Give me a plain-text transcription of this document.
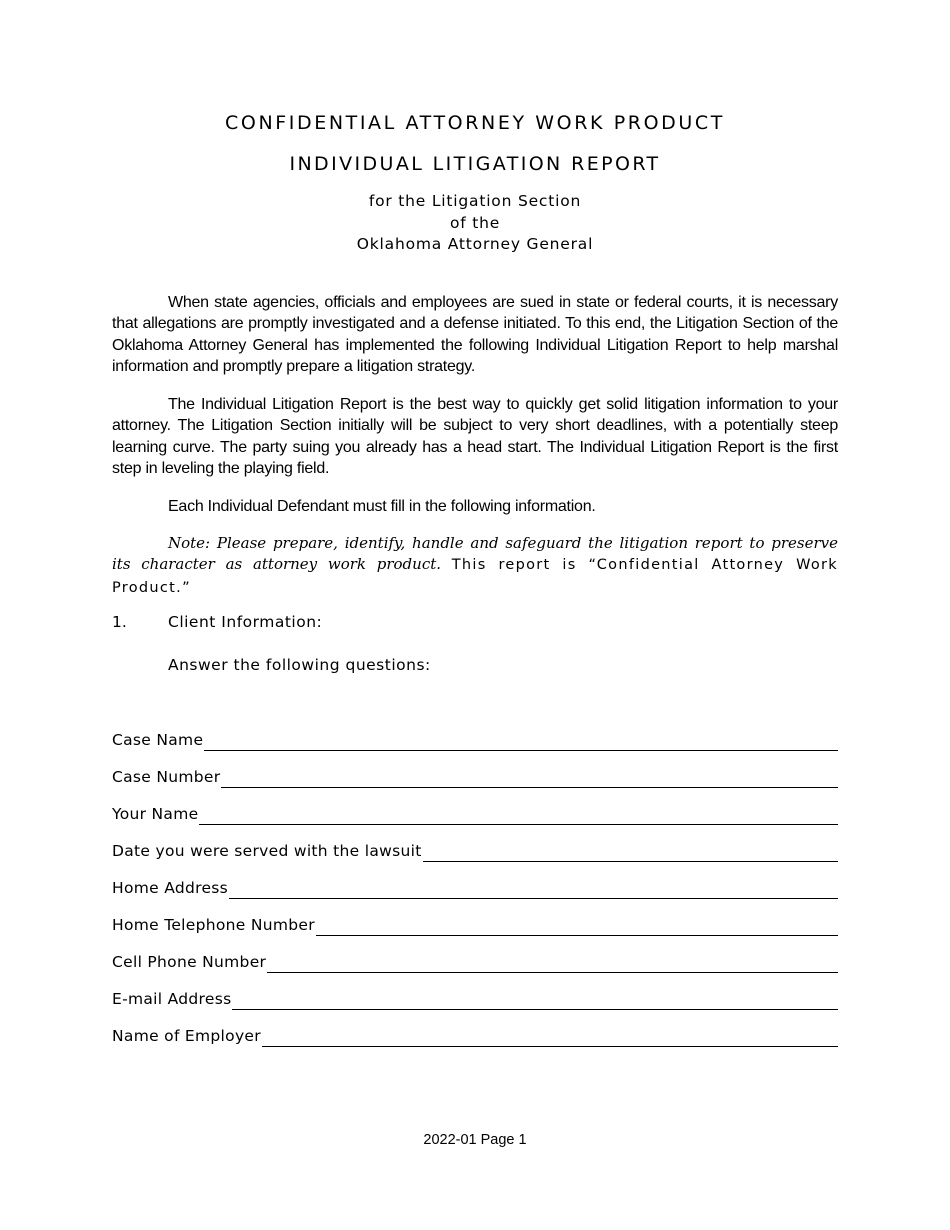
CONFIDENTIAL ATTORNEY WORK PRODUCT
INDIVIDUAL LITIGATION REPORT
for the Litigation Section
of the
Oklahoma Attorney General

When state agencies, officials and employees are sued in state or federal courts, it is necessary that allegations are promptly investigated and a defense initiated. To this end, the Litigation Section of the Oklahoma Attorney General has implemented the following Individual Litigation Report to help marshal information and promptly prepare a litigation strategy.

The Individual Litigation Report is the best way to quickly get solid litigation information to your attorney. The Litigation Section initially will be subject to very short deadlines, with a potentially steep learning curve. The party suing you already has a head start. The Individual Litigation Report is the first step in leveling the playing field.

Each Individual Defendant must fill in the following information.

Note: Please prepare, identify, handle and safeguard the litigation report to preserve its character as attorney work product. This report is “Confidential Attorney Work Product.”

1.	Client Information:
Answer the following questions:
Case Name
Case Number
Your Name
Date you were served with the lawsuit
Home Address
Home Telephone Number
Cell Phone Number
E-mail Address
Name of Employer
2022-01 Page 1
